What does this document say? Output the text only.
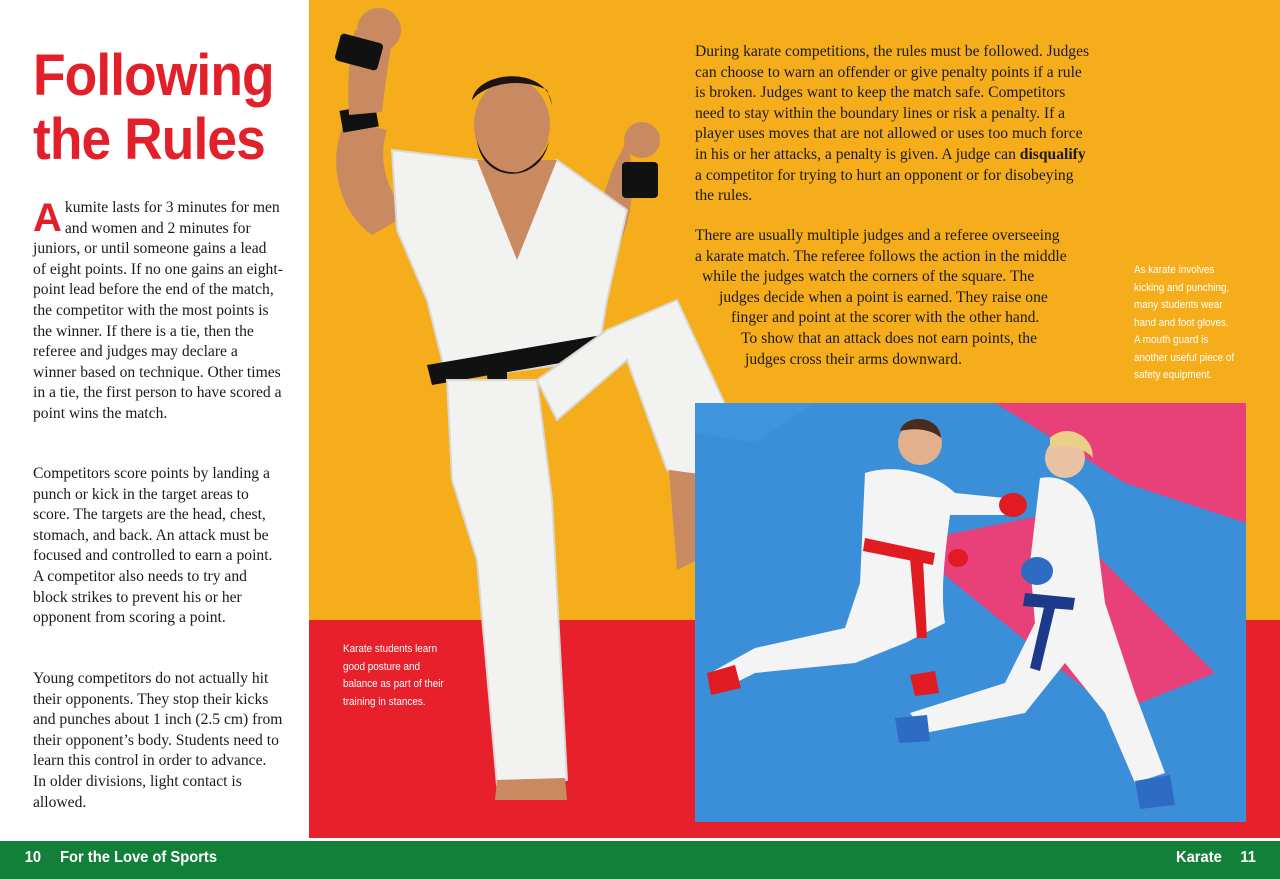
Following
the Rules

A kumite lasts for 3 minutes for men and women and 2 minutes for juniors, or until someone gains a lead of eight points. If no one gains an eight-point lead before the end of the match, the competitor with the most points is the winner. If there is a tie, then the referee and judges may declare a winner based on technique. Other times in a tie, the first person to have scored a point wins the match.

Competitors score points by landing a punch or kick in the target areas to score. The targets are the head, chest, stomach, and back. An attack must be focused and controlled to earn a point. A competitor also needs to try and block strikes to prevent his or her opponent from scoring a point.

Young competitors do not actually hit their opponents. They stop their kicks and punches about 1 inch (2.5 cm) from their opponent’s body. Students need to learn this control in order to advance. In older divisions, light contact is allowed.

During karate competitions, the rules must be followed. Judges can choose to warn an offender or give penalty points if a rule is broken. Judges want to keep the match safe. Competitors need to stay within the boundary lines or risk a penalty. If a player uses moves that are not allowed or uses too much force in his or her attacks, a penalty is given. A judge can disqualify a competitor for trying to hurt an opponent or for disobeying the rules.

There are usually multiple judges and a referee overseeing
a karate match. The referee follows the action in the middle
while the judges watch the corners of the square. The
judges decide when a point is earned. They raise one
finger and point at the scorer with the other hand.
To show that an attack does not earn points, the
judges cross their arms downward.

As karate involves kicking and punching, many students wear hand and foot gloves. A mouth guard is another useful piece of safety equipment.

Karate students learn good posture and balance as part of their training in stances.

10 For the Love of Sports	Karate 11
